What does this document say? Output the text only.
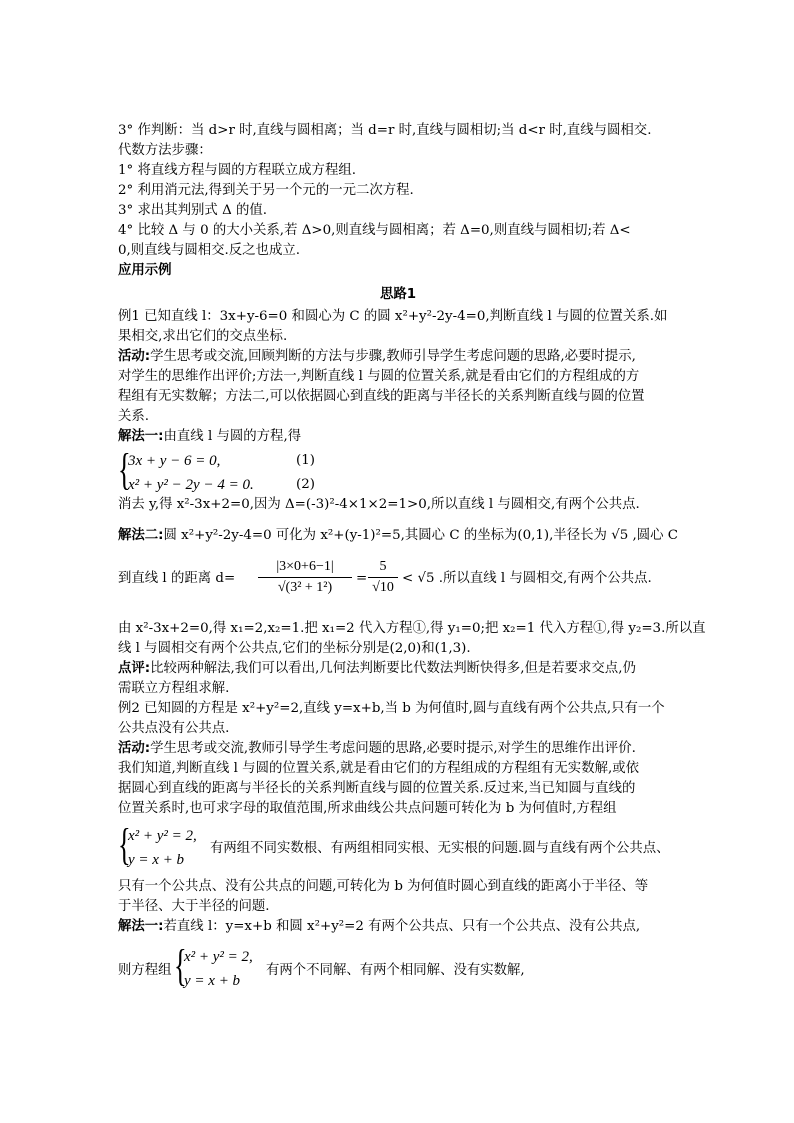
3° 作判断：当 d>r 时,直线与圆相离；当 d=r 时,直线与圆相切;当 d<r 时,直线与圆相交.
代数方法步骤：
1° 将直线方程与圆的方程联立成方程组.
2° 利用消元法,得到关于另一个元的一元二次方程.
3° 求出其判别式 Δ 的值.
4° 比较 Δ 与 0 的大小关系,若 Δ>0,则直线与圆相离；若 Δ=0,则直线与圆相切;若 Δ<
0,则直线与圆相交.反之也成立.
应用示例
思路1
例1 已知直线 l：3x+y-6=0 和圆心为 C 的圆 x²+y²-2y-4=0,判断直线 l 与圆的位置关系.如
果相交,求出它们的交点坐标.
活动:学生思考或交流,回顾判断的方法与步骤,教师引导学生考虑问题的思路,必要时提示,
对学生的思维作出评价;方法一,判断直线 l 与圆的位置关系,就是看由它们的方程组成的方
程组有无实数解；方法二,可以依据圆心到直线的距离与半径长的关系判断直线与圆的位置
关系.
解法一:由直线 l 与圆的方程,得
{
3x + y − 6 = 0,	(1)
x² + y² − 2y − 4 = 0.	(2)
消去 y,得 x²-3x+2=0,因为 Δ=(-3)²-4×1×2=1>0,所以直线 l 与圆相交,有两个公共点.
解法二:圆 x²+y²-2y-4=0 可化为 x²+(y-1)²=5,其圆心 C 的坐标为(0,1),半径长为 √5 ,圆心 C
到直线 l 的距离 $d= \frac{|3\times 0+6-1|}{\text{√(3² + 1²)}} = \frac{5}{√10} < √5$ .所以直线 l 与圆相交,有两个公共点.
由 x²-3x+2=0,得 x₁=2,x₂=1.把 x₁=2 代入方程①,得 y₁=0;把 x₂=1 代入方程①,得 y₂=3.所以直
线 l 与圆相交有两个公共点,它们的坐标分别是(2,0)和(1,3).
点评:比较两种解法,我们可以看出,几何法判断要比代数法判断快得多,但是若要求交点,仍
需联立方程组求解.
例2 已知圆的方程是 x²+y²=2,直线 y=x+b,当 b 为何值时,圆与直线有两个公共点,只有一个
公共点没有公共点.
活动:学生思考或交流,教师引导学生考虑问题的思路,必要时提示,对学生的思维作出评价.
我们知道,判断直线 l 与圆的位置关系,就是看由它们的方程组成的方程组有无实数解,或依
据圆心到直线的距离与半径长的关系判断直线与圆的位置关系.反过来,当已知圆与直线的
位置关系时,也可求字母的取值范围,所求曲线公共点问题可转化为 b 为何值时,方程组
{
x² + y² = 2,
y = x + b
有两组不同实数根、有两组相同实根、无实根的问题.圆与直线有两个公共点、
只有一个公共点、没有公共点的问题,可转化为 b 为何值时圆心到直线的距离小于半径、等
于半径、大于半径的问题.
解法一:若直线 l：y=x+b 和圆 x²+y²=2 有两个公共点、只有一个公共点、没有公共点,
则方程组 {
x² + y² = 2,
y = x + b
有两个不同解、有两个相同解、没有实数解,
